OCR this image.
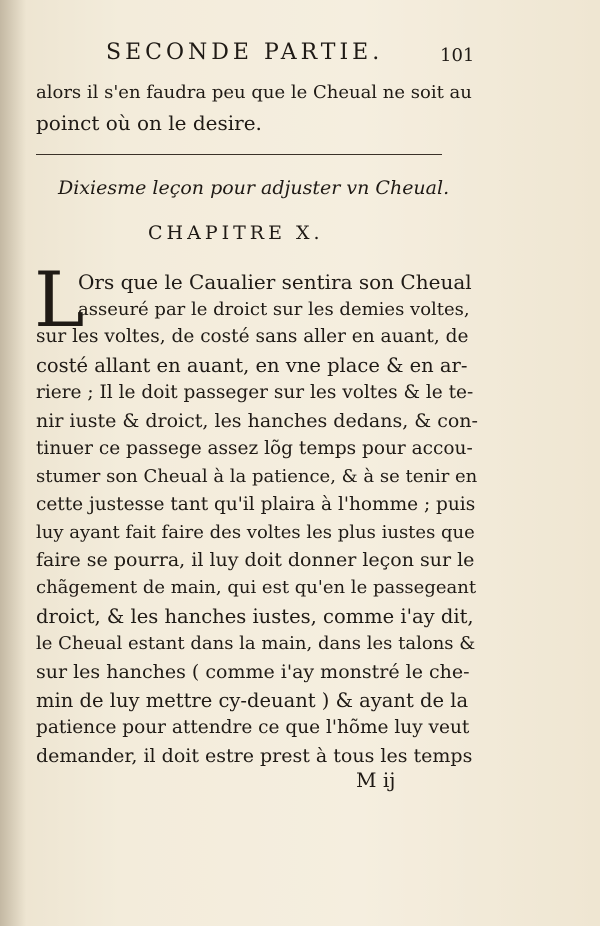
SECONDE PARTIE.	101
alors il s'en faudra peu que le Cheual ne soit au
poinct où on le desire.
Dixiesme leçon pour adjuster vn Cheual.
CHAPITRE X.
L
Ors que le Caualier sentira son Cheual
asseuré par le droict sur les demies voltes,
sur les voltes, de costé sans aller en auant, de
costé allant en auant, en vne place & en ar-
riere ; Il le doit passeger sur les voltes & le te-
nir iuste & droict, les hanches dedans, & con-
tinuer ce passege assez lõg temps pour accou-
stumer son Cheual à la patience, & à se tenir en
cette justesse tant qu'il plaira à l'homme ; puis
luy ayant fait faire des voltes les plus iustes que
faire se pourra, il luy doit donner leçon sur le
chãgement de main, qui est qu'en le passegeant
droict, & les hanches iustes, comme i'ay dit,
le Cheual estant dans la main, dans les talons &
sur les hanches ( comme i'ay monstré le che-
min de luy mettre cy-deuant ) & ayant de la
patience pour attendre ce que l'hõme luy veut
demander, il doit estre prest à tous les temps
M ij
